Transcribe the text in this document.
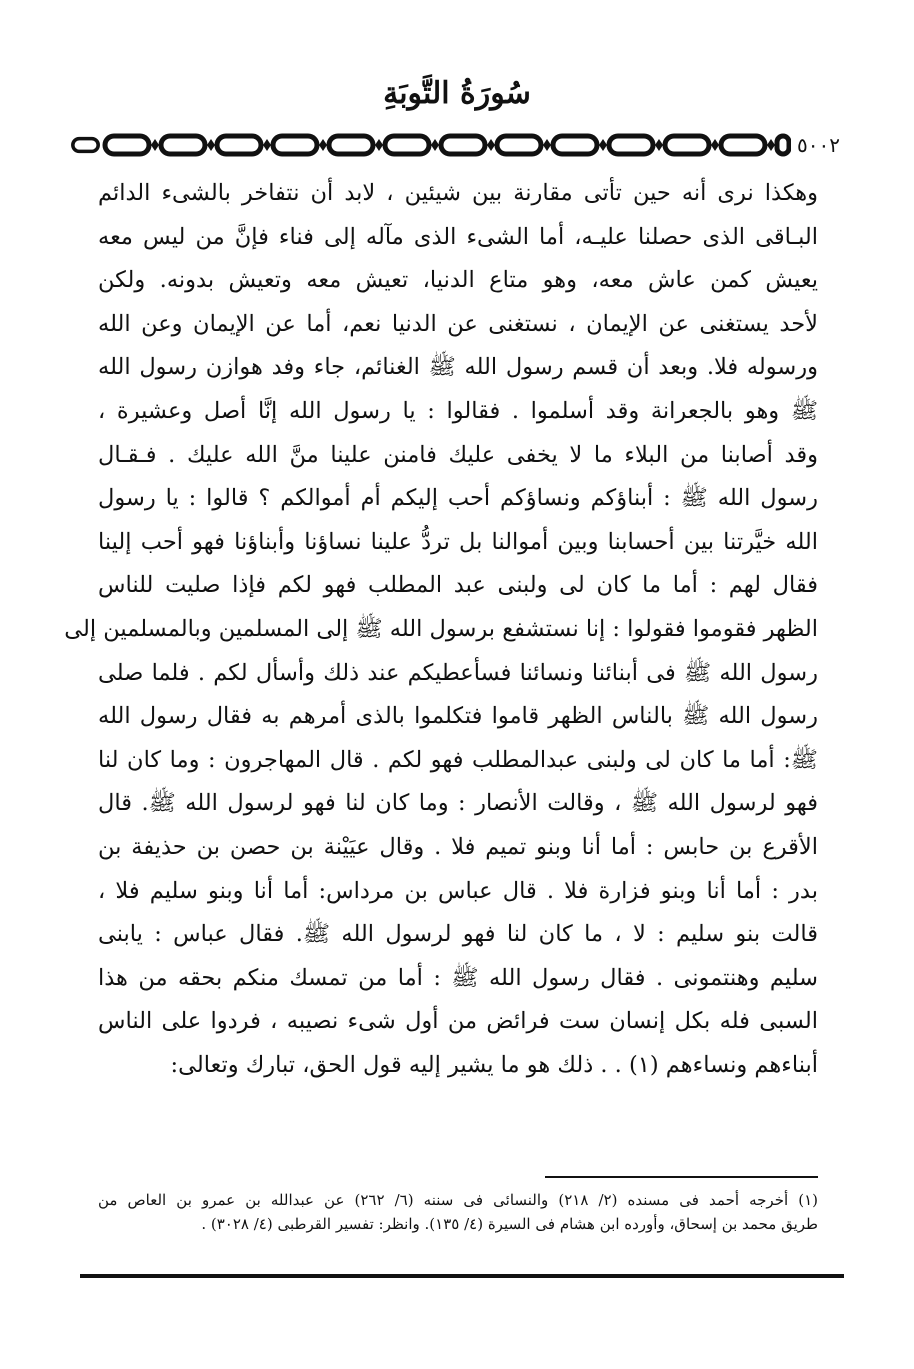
سُورَةُ التَّوبَةِ
٥٠٠٢
وهكذا نرى أنه حين تأتى مقارنة بين شيئين ، لابد أن نتفاخر بالشىء الدائم
البـاقى الذى حصلنا عليـه، أما الشىء الذى مآله إلى فناء فإنَّ من ليس معه
يعيش كمن عاش معه، وهو متاع الدنيا، تعيش معه وتعيش بدونه. ولكن
لأحد يستغنى عن الإيمان ، نستغنى عن الدنيا نعم، أما عن الإيمان وعن الله
ورسوله فلا. وبعد أن قسم رسول الله ﷺ الغنائم، جاء وفد هوازن رسول الله
ﷺ وهو بالجعرانة وقد أسلموا . فقالوا : يا رسول الله إنَّا أصل وعشيرة ،
وقد أصابنا من البلاء ما لا يخفى عليك فامنن علينا منَّ الله عليك . فـقـال
رسول الله ﷺ : أبناؤكم ونساؤكم أحب إليكم أم أموالكم ؟ قالوا : يا رسول
الله خيَّرتنا بين أحسابنا وبين أموالنا بل تردُّ علينا نساؤنا وأبناؤنا فهو أحب إلينا
فقال لهم : أما ما كان لى ولبنى عبد المطلب فهو لكم فإذا صليت للناس
الظهر فقوموا فقولوا : إنا نستشفع برسول الله ﷺ إلى المسلمين وبالمسلمين إلى
رسول الله ﷺ فى أبنائنا ونسائنا فسأعطيكم عند ذلك وأسأل لكم . فلما صلى
رسول الله ﷺ بالناس الظهر قاموا فتكلموا بالذى أمرهم به فقال رسول الله
ﷺ: أما ما كان لى ولبنى عبدالمطلب فهو لكم . قال المهاجرون : وما كان لنا
فهو لرسول الله ﷺ ، وقالت الأنصار : وما كان لنا فهو لرسول الله ﷺ. قال
الأقرع بن حابس : أما أنا وبنو تميم فلا . وقال عيَيْنة بن حصن بن حذيفة بن
بدر : أما أنا وبنو فزارة فلا . قال عباس بن مرداس: أما أنا وبنو سليم فلا ،
قالت بنو سليم : لا ، ما كان لنا فهو لرسول الله ﷺ. فقال عباس : يابنى
سليم وهنتمونى . فقال رسول الله ﷺ : أما من تمسك منكم بحقه من هذا
السبى فله بكل إنسان ست فرائض من أول شىء نصيبه ، فردوا على الناس
أبناءهم ونساءهم (١) . . ذلك هو ما يشير إليه قول الحق، تبارك وتعالى:
(١) أخرجه أحمد فى مسنده (٢/ ٢١٨) والنسائى فى سننه (٦/ ٢٦٢) عن عبدالله بن عمرو بن العاص من
طريق محمد بن إسحاق، وأورده ابن هشام فى السيرة (٤/ ١٣٥). وانظر: تفسير القرطبى (٤/ ٣٠٢٨) .
